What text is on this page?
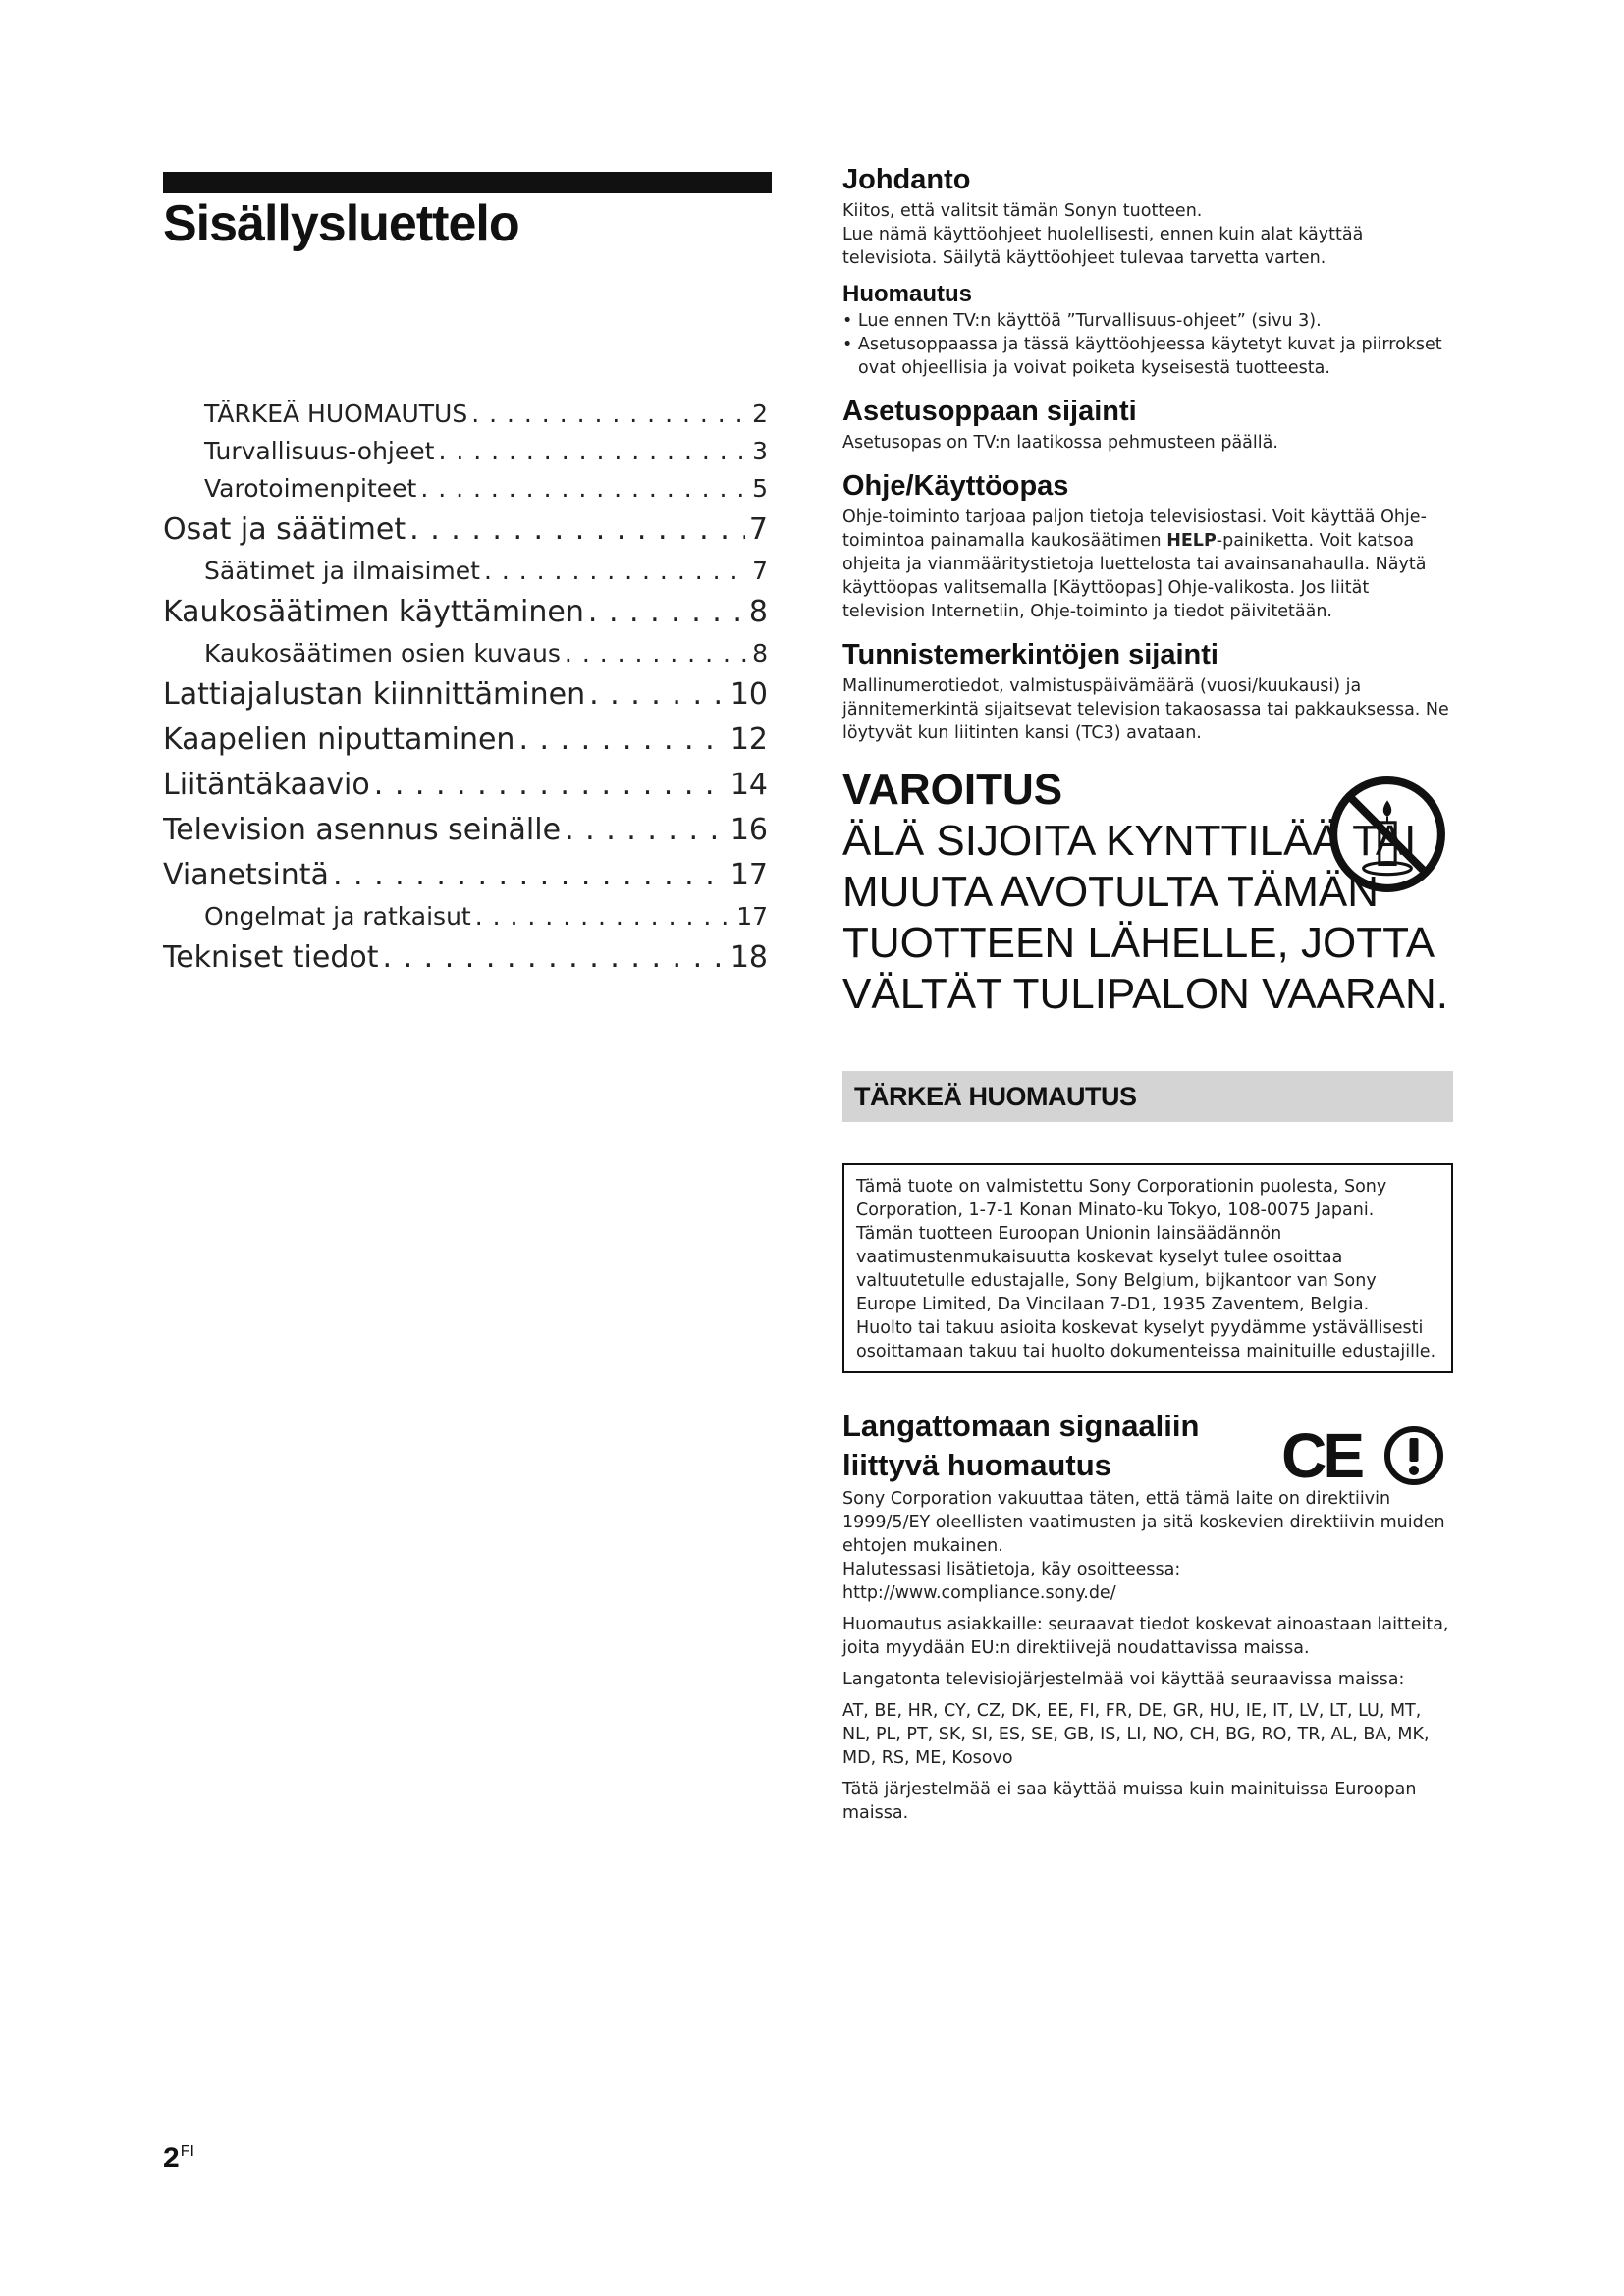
Sisällysluettelo
TÄRKEÄ HUOMAUTUS . . .	2
Turvallisuus-ohjeet . . .	3
Varotoimenpiteet . . .	5
Osat ja säätimet . . .	7
Säätimet ja ilmaisimet . . .	7
Kaukosäätimen käyttäminen . . .	8
Kaukosäätimen osien kuvaus . . .	8
Lattiajalustan kiinnittäminen . . .	10
Kaapelien niputtaminen . . .	12
Liitäntäkaavio . . .	14
Television asennus seinälle . . .	16
Vianetsintä . . .	17
Ongelmat ja ratkaisut . . .	17
Tekniset tiedot . . .	18
Johdanto

Kiitos, että valitsit tämän Sonyn tuotteen.

Lue nämä käyttöohjeet huolellisesti, ennen kuin alat käyttää televisiota. Säilytä käyttöohjeet tulevaa tarvetta varten.

Huomautus
• Lue ennen TV:n käyttöä ”Turvallisuus-ohjeet” (sivu 3).
• Asetusoppaassa ja tässä käyttöohjeessa käytetyt kuvat ja piirrokset ovat ohjeellisia ja voivat poiketa kyseisestä tuotteesta.
Asetusoppaan sijainti

Asetusopas on TV:n laatikossa pehmusteen päällä.

Ohje/Käyttöopas

Ohje-toiminto tarjoaa paljon tietoja televisiostasi. Voit käyttää Ohje-toimintoa painamalla kaukosäätimen HELP-painiketta. Voit katsoa ohjeita ja vianmääritystietoja luettelosta tai avainsanahaulla. Näytä käyttöopas valitsemalla [Käyttöopas] Ohje-valikosta. Jos liität television Internetiin, Ohje-toiminto ja tiedot päivitetään.

Tunnistemerkintöjen sijainti

Mallinumerotiedot, valmistuspäivämäärä (vuosi/kuukausi) ja jännitemerkintä sijaitsevat television takaosassa tai pakkauksessa. Ne löytyvät kun liitinten kansi (TC3) avataan.

VAROITUS

ÄLÄ SIJOITA KYNTTILÄÄ TAI MUUTA AVOTULTA TÄMÄN TUOTTEEN LÄHELLE, JOTTA VÄLTÄT TULIPALON VAARAN.

TÄRKEÄ HUOMAUTUS

Tämä tuote on valmistettu Sony Corporationin puolesta, Sony Corporation, 1-7-1 Konan Minato-ku Tokyo, 108-0075 Japani.

Tämän tuotteen Euroopan Unionin lainsäädännön vaatimustenmukaisuutta koskevat kyselyt tulee osoittaa valtuutetulle edustajalle, Sony Belgium, bijkantoor van Sony Europe Limited, Da Vincilaan 7-D1, 1935 Zaventem, Belgia.

Huolto tai takuu asioita koskevat kyselyt pyydämme ystävällisesti osoittamaan takuu tai huolto dokumenteissa mainituille edustajille.

Langattomaan signaaliin
liittyvä huomautus	CE

Sony Corporation vakuuttaa täten, että tämä laite on direktiivin 1999/5/EY oleellisten vaatimusten ja sitä koskevien direktiivin muiden ehtojen mukainen.

Halutessasi lisätietoja, käy osoitteessa:

http://www.compliance.sony.de/

Huomautus asiakkaille: seuraavat tiedot koskevat ainoastaan laitteita, joita myydään EU:n direktiivejä noudattavissa maissa.

Langatonta televisiojärjestelmää voi käyttää seuraavissa maissa:

AT, BE, HR, CY, CZ, DK, EE, FI, FR, DE, GR, HU, IE, IT, LV, LT, LU, MT, NL, PL, PT, SK, SI, ES, SE, GB, IS, LI, NO, CH, BG, RO, TR, AL, BA, MK, MD, RS, ME, Kosovo

Tätä järjestelmää ei saa käyttää muissa kuin mainituissa Euroopan maissa.

$2^{FI}$
